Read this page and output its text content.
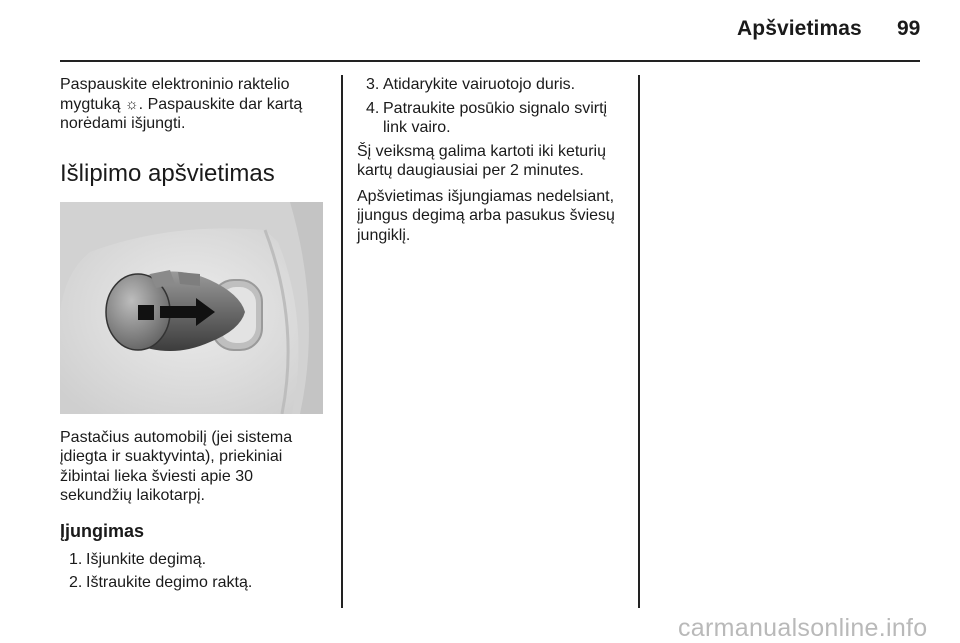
Apšvietimas 99

Paspauskite elektroninio raktelio mygtuką ☼. Paspauskite dar kartą norėdami išjungti.

Išlipimo apšvietimas

Pastačius automobilį (jei sistema įdiegta ir suaktyvinta), priekiniai žibintai lieka šviesti apie 30 sekundžių laikotarpį.

Įjungimas
1. Išjunkite degimą.
2. Ištraukite degimo raktą.
3. Atidarykite vairuotojo duris.
4. Patraukite posūkio signalo svirtį link vairo.

Šį veiksmą galima kartoti iki keturių kartų daugiausiai per 2 minutes.

Apšvietimas išjungiamas nedelsiant, įjungus degimą arba pasukus šviesų jungiklį.

carmanualsonline.info
